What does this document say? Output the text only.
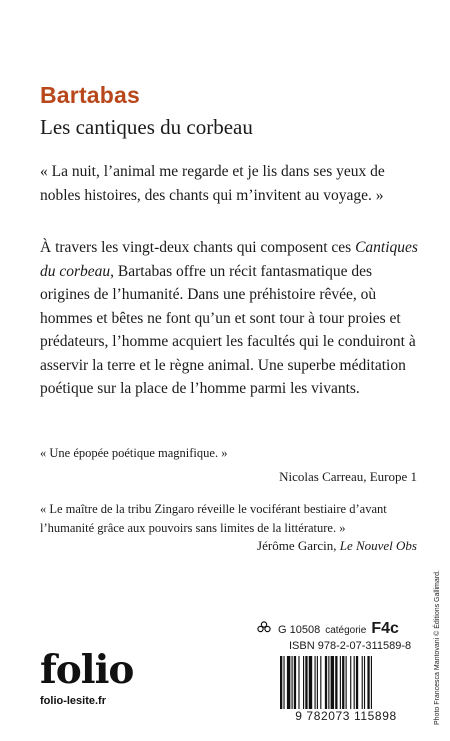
Bartabas
Les cantiques du corbeau
« La nuit, l’animal me regarde et je lis dans ses yeux de nobles histoires, des chants qui m’invitent au voyage. »

À travers les vingt-deux chants qui composent ces Cantiques du corbeau, Bartabas offre un récit fantasmatique des origines de l’humanité. Dans une préhistoire rêvée, où hommes et bêtes ne font qu’un et sont tour à tour proies et prédateurs, l’homme acquiert les facultés qui le conduiront à asservir la terre et le règne animal. Une superbe méditation poétique sur la place de l’homme parmi les vivants.

« Une épopée poétique magnifique. »
Nicolas Carreau, Europe 1
« Le maître de la tribu Zingaro réveille le vociférant bestiaire d’avant l’humanité grâce aux pouvoirs sans limites de la littérature. »
Jérôme Garcin, Le Nouvel Obs
folio
folio-lesite.fr
G 10508 catégorie F4c
ISBN 978-2-07-311589-8
9 782073 115898	Photo Francesca Mantovani © Éditions Gallimard.
